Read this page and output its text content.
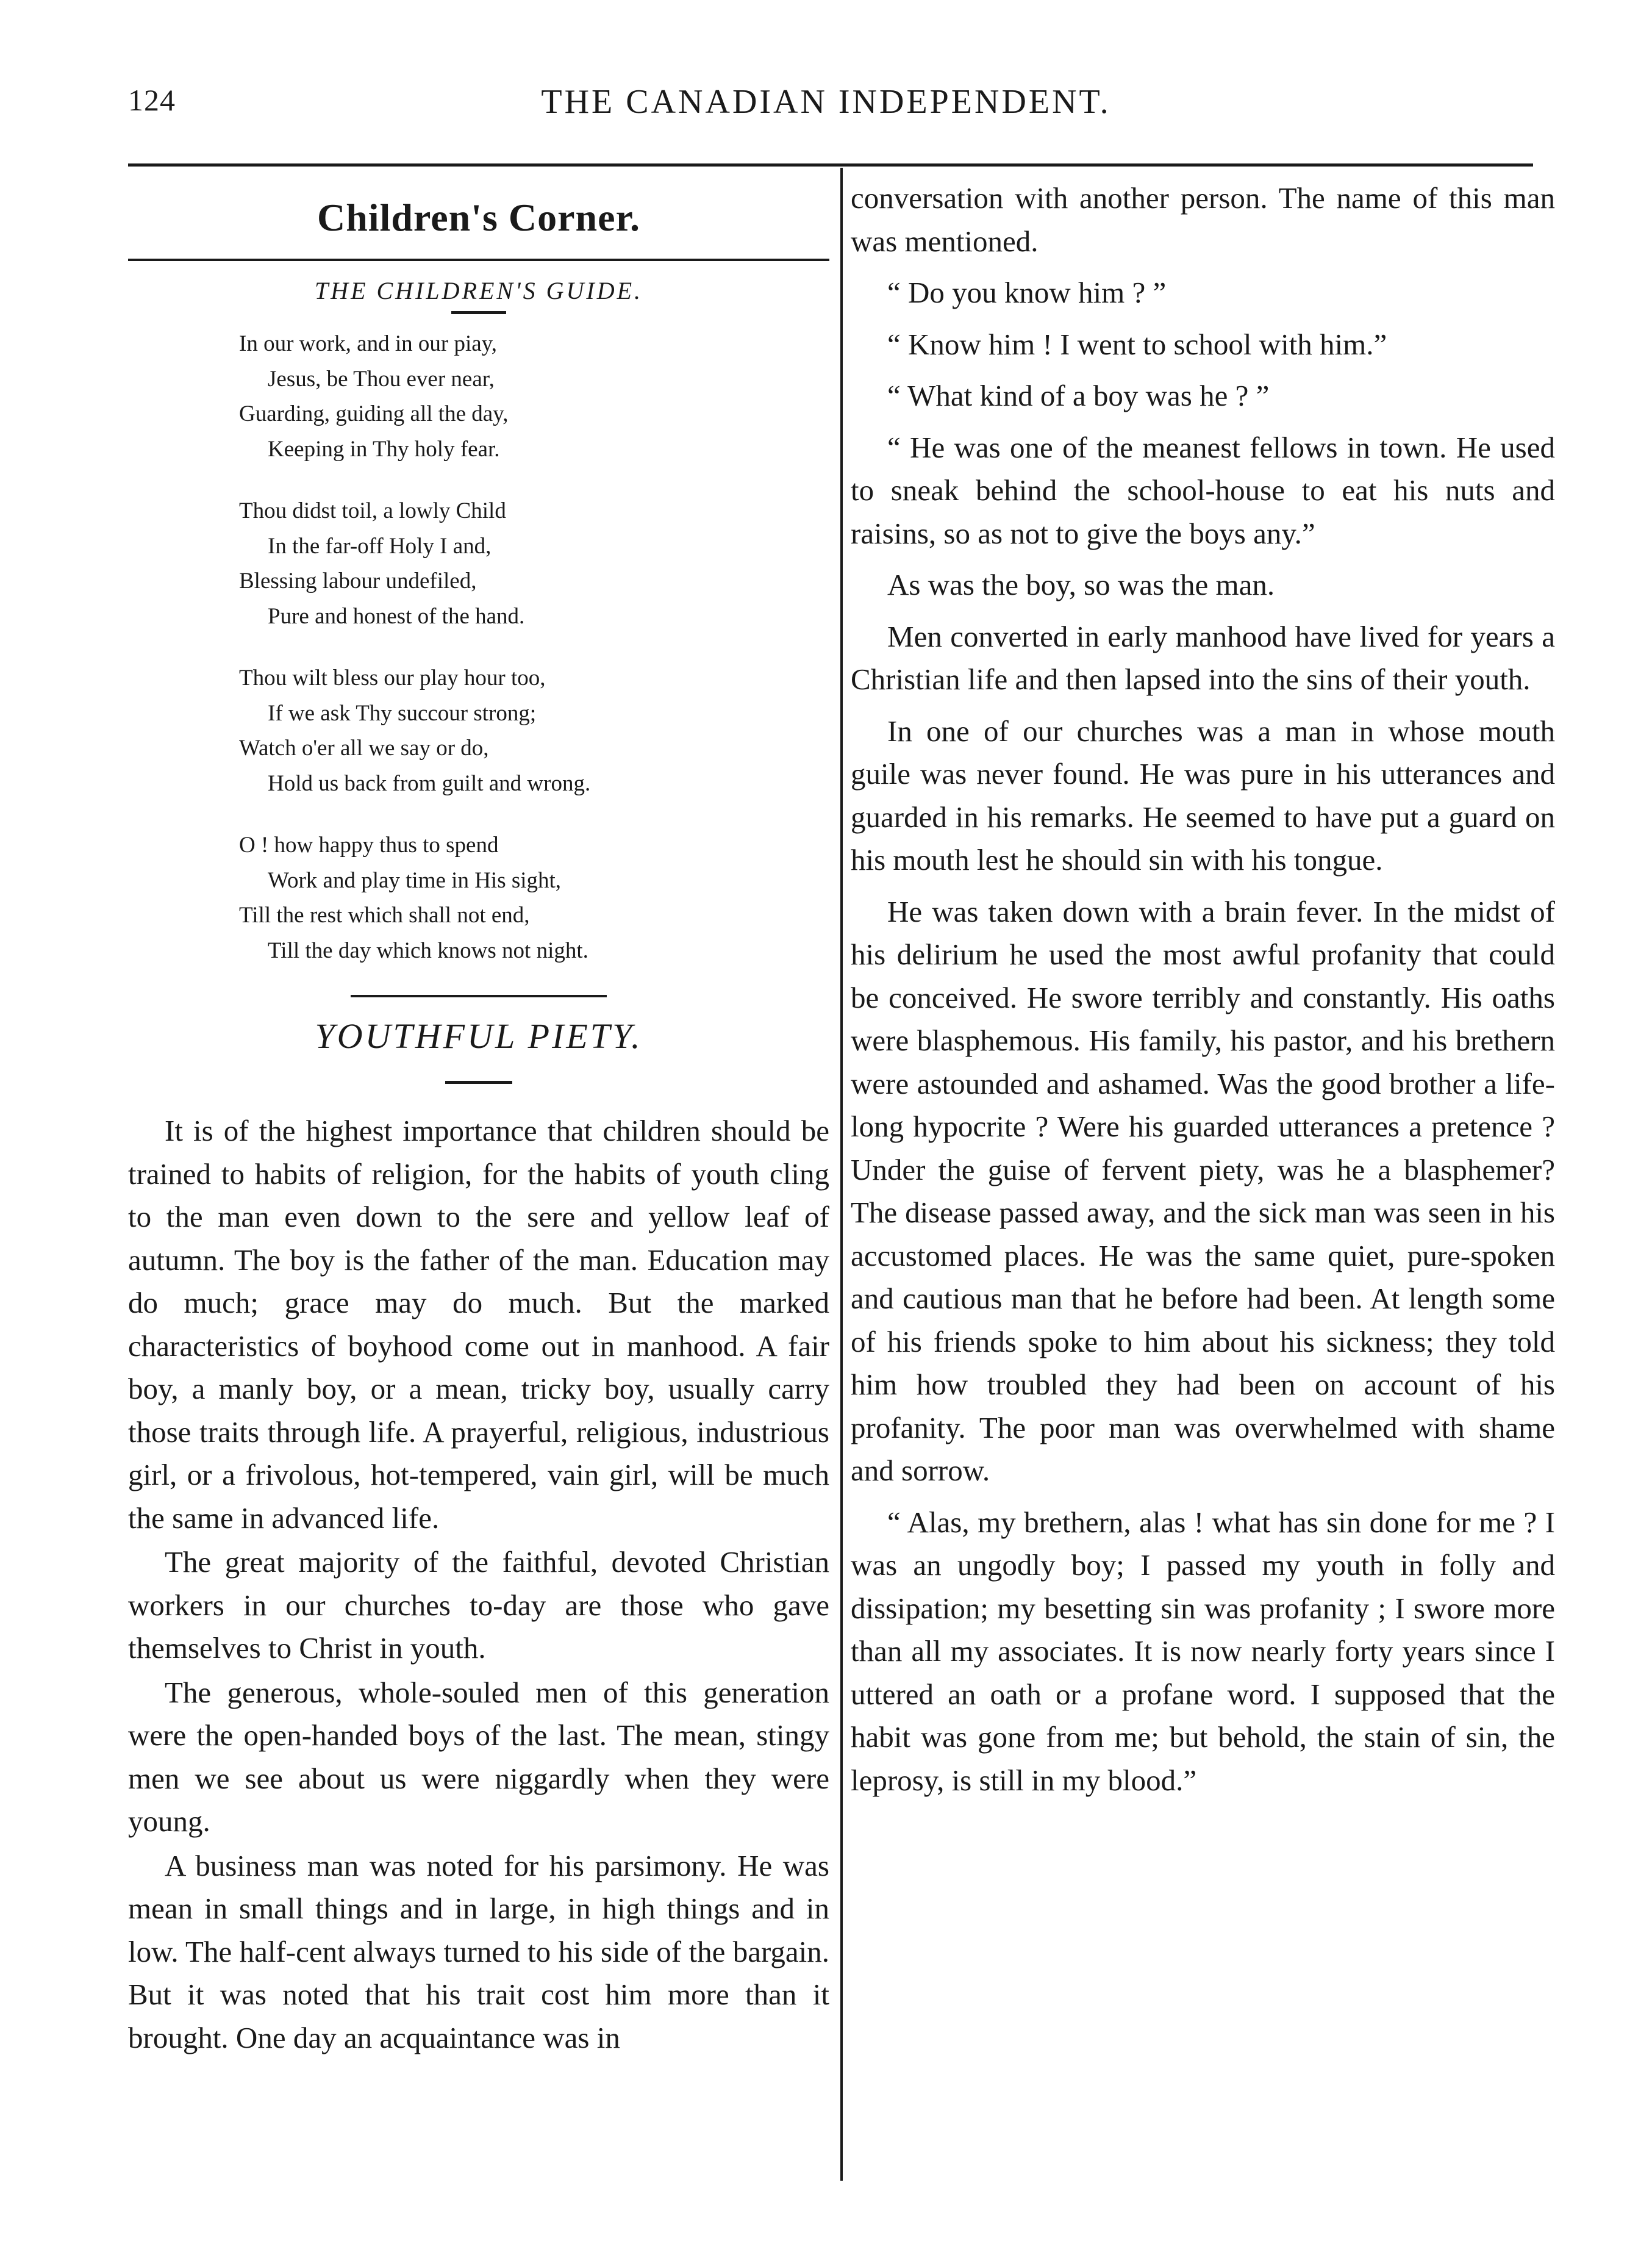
124	THE CANADIAN INDEPENDENT.
Children's Corner.
THE CHILDREN'S GUIDE.
In our work, and in our piay,
Jesus, be Thou ever near,
Guarding, guiding all the day,
Keeping in Thy holy fear.
Thou didst toil, a lowly Child
In the far-off Holy I and,
Blessing labour undefiled,
Pure and honest of the hand.
Thou wilt bless our play hour too,
If we ask Thy succour strong;
Watch o'er all we say or do,
Hold us back from guilt and wrong.
O ! how happy thus to spend
Work and play time in His sight,
Till the rest which shall not end,
Till the day which knows not night.
YOUTHFUL PIETY.

It is of the highest importance that children should be trained to habits of religion, for the habits of youth cling to the man even down to the sere and yellow leaf of autumn. The boy is the father of the man. Education may do much; grace may do much. But the marked characteristics of boyhood come out in manhood. A fair boy, a manly boy, or a mean, tricky boy, usually carry those traits through life. A prayerful, religious, industrious girl, or a frivolous, hot-tempered, vain girl, will be much the same in advanced life.

The great majority of the faithful, devoted Christian workers in our churches to-day are those who gave themselves to Christ in youth.

The generous, whole-souled men of this generation were the open-handed boys of the last. The mean, stingy men we see about us were niggardly when they were young.

A business man was noted for his parsimony. He was mean in small things and in large, in high things and in low. The half-cent always turned to his side of the bargain. But it was noted that his trait cost him more than it brought. One day an acquaintance was in

conversation with another person. The name of this man was mentioned.

“ Do you know him ? ”

“ Know him ! I went to school with him.”

“ What kind of a boy was he ? ”

“ He was one of the meanest fellows in town. He used to sneak behind the school-house to eat his nuts and raisins, so as not to give the boys any.”

As was the boy, so was the man.

Men converted in early manhood have lived for years a Christian life and then lapsed into the sins of their youth.

In one of our churches was a man in whose mouth guile was never found. He was pure in his utterances and guarded in his remarks. He seemed to have put a guard on his mouth lest he should sin with his tongue.

He was taken down with a brain fever. In the midst of his delirium he used the most awful profanity that could be conceived. He swore terribly and constantly. His oaths were blasphemous. His family, his pastor, and his brethern were astounded and ashamed. Was the good brother a life-long hypocrite ? Were his guarded utterances a pretence ? Under the guise of fervent piety, was he a blasphemer? The disease passed away, and the sick man was seen in his accustomed places. He was the same quiet, pure-spoken and cautious man that he before had been. At length some of his friends spoke to him about his sickness; they told him how troubled they had been on account of his profanity. The poor man was overwhelmed with shame and sorrow.

“ Alas, my brethern, alas ! what has sin done for me ? I was an ungodly boy; I passed my youth in folly and dissipation; my besetting sin was profanity ; I swore more than all my associates. It is now nearly forty years since I uttered an oath or a profane word. I supposed that the habit was gone from me; but behold, the stain of sin, the leprosy, is still in my blood.”
